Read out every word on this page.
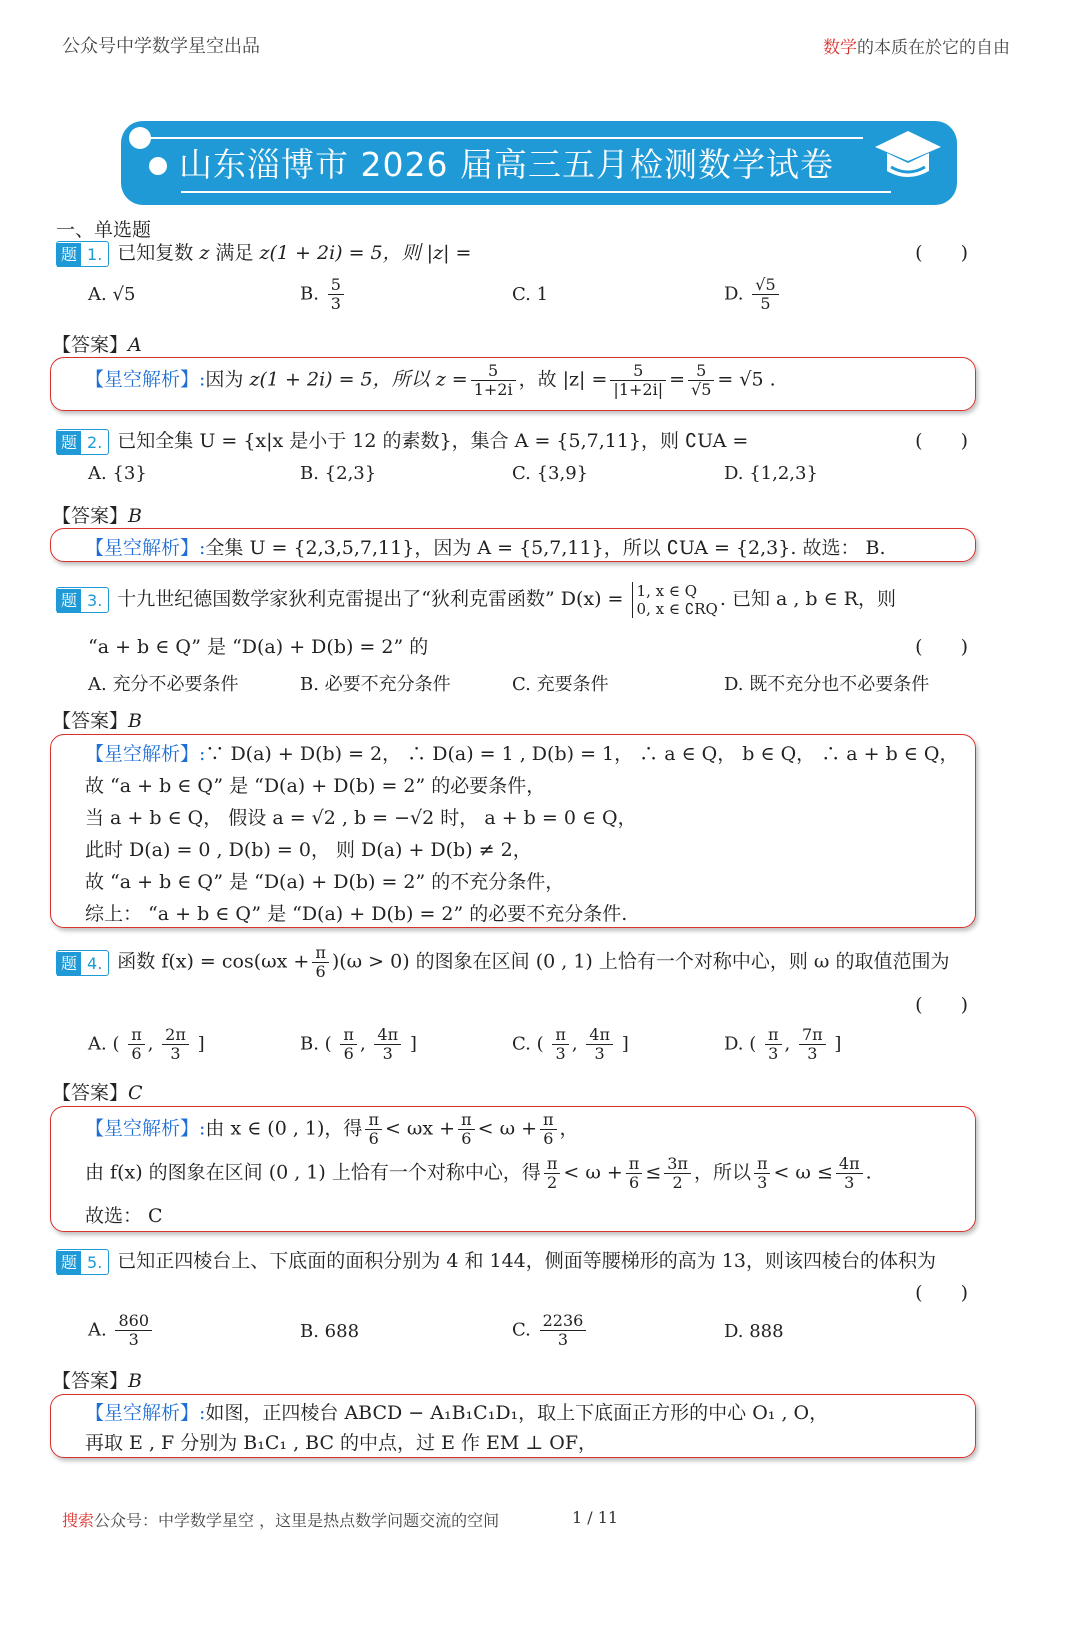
公众号中学数学星空出品	数学的本质在於它的自由
山东淄博市 2026 届高三五月检测数学试卷
一、单选题
题 1. 已知复数 z 满足 z(1 + 2i) = 5，则 |z| =	(　　)
A. √5	B. $\frac{5}{3}$	C. 1	D. $\frac{√5}{5}$
【答案】A
【星空解析】:因为 z(1 + 2i) = 5，所以 $z = \frac{5}{1+2i}$ ，故 $|z| = \frac{5}{|1+2i|} = \frac{5}{√5} = √5$ .
题 2. 已知全集 U = {x|x 是小于 12 的素数}，集合 A = {5,7,11}，则 ∁UA =	(　　)
A. {3}	B. {2,3}	C. {3,9}	D. {1,2,3}
【答案】B
【星空解析】:全集 U = {2,3,5,7,11}，因为 A = {5,7,11}，所以 ∁UA = {2,3}. 故选： B.
题 3. 十九世纪德国数学家狄利克雷提出了“狄利克雷函数” D(x) = 1, x ∈ Q
0, x ∈ ∁RQ . 已知 a , b ∈ R，则
“a + b ∈ Q” 是 “D(a) + D(b) = 2” 的	(　　)
A. 充分不必要条件	B. 必要不充分条件	C. 充要条件	D. 既不充分也不必要条件
【答案】B
【星空解析】:∵ D(a) + D(b) = 2， ∴ D(a) = 1 , D(b) = 1， ∴ a ∈ Q， b ∈ Q， ∴ a + b ∈ Q，
故 “a + b ∈ Q” 是 “D(a) + D(b) = 2” 的必要条件，
当 a + b ∈ Q， 假设 a = √2 , b = −√2 时， a + b = 0 ∈ Q，
此时 D(a) = 0 , D(b) = 0， 则 D(a) + D(b) ≠ 2，
故 “a + b ∈ Q” 是 “D(a) + D(b) = 2” 的不充分条件，
综上： “a + b ∈ Q” 是 “D(a) + D(b) = 2” 的必要不充分条件.
题 4. 函数 $f(x) = \cos(\omega x + \frac{\pi}{6} )(\omega > 0)$ 的图象在区间 (0 , 1) 上恰有一个对称中心，则 ω 的取值范围为
(　　)
A. ( $\frac{\pi}{6}$ , $\frac{2\pi}{3}$ ]	B. ( $\frac{\pi}{6}$ , $\frac{4\pi}{3}$ ]	C. ( $\frac{\pi}{3}$ , $\frac{4\pi}{3}$ ]	D. ( $\frac{\pi}{3}$ , $\frac{7\pi}{3}$ ]
【答案】C
【星空解析】:由 x ∈ (0 , 1)，得 $\frac{\pi}{6} < \omega x + \frac{\pi}{6} < \omega + \frac{\pi}{6}$ ，
由 f(x) 的图象在区间 (0 , 1) 上恰有一个对称中心，得 $\frac{\pi}{2} < \omega + \frac{\pi}{6} \le \frac{3\pi}{2}$ ，所以 $\frac{\pi}{3} < \omega \le \frac{4\pi}{3}$ .
故选： C
题 5. 已知正四棱台上、下底面的面积分别为 4 和 144，侧面等腰梯形的高为 13，则该四棱台的体积为
(　　)
A. $\frac{860}{3}$	B. 688	C. $\frac{2236}{3}$	D. 888
【答案】B
【星空解析】:如图，正四棱台 ABCD − A₁B₁C₁D₁，取上下底面正方形的中心 O₁ , O，
再取 E , F 分别为 B₁C₁ , BC 的中点，过 E 作 EM ⊥ OF，
搜索公众号：中学数学星空 ，这里是热点数学问题交流的空间	1 / 11
